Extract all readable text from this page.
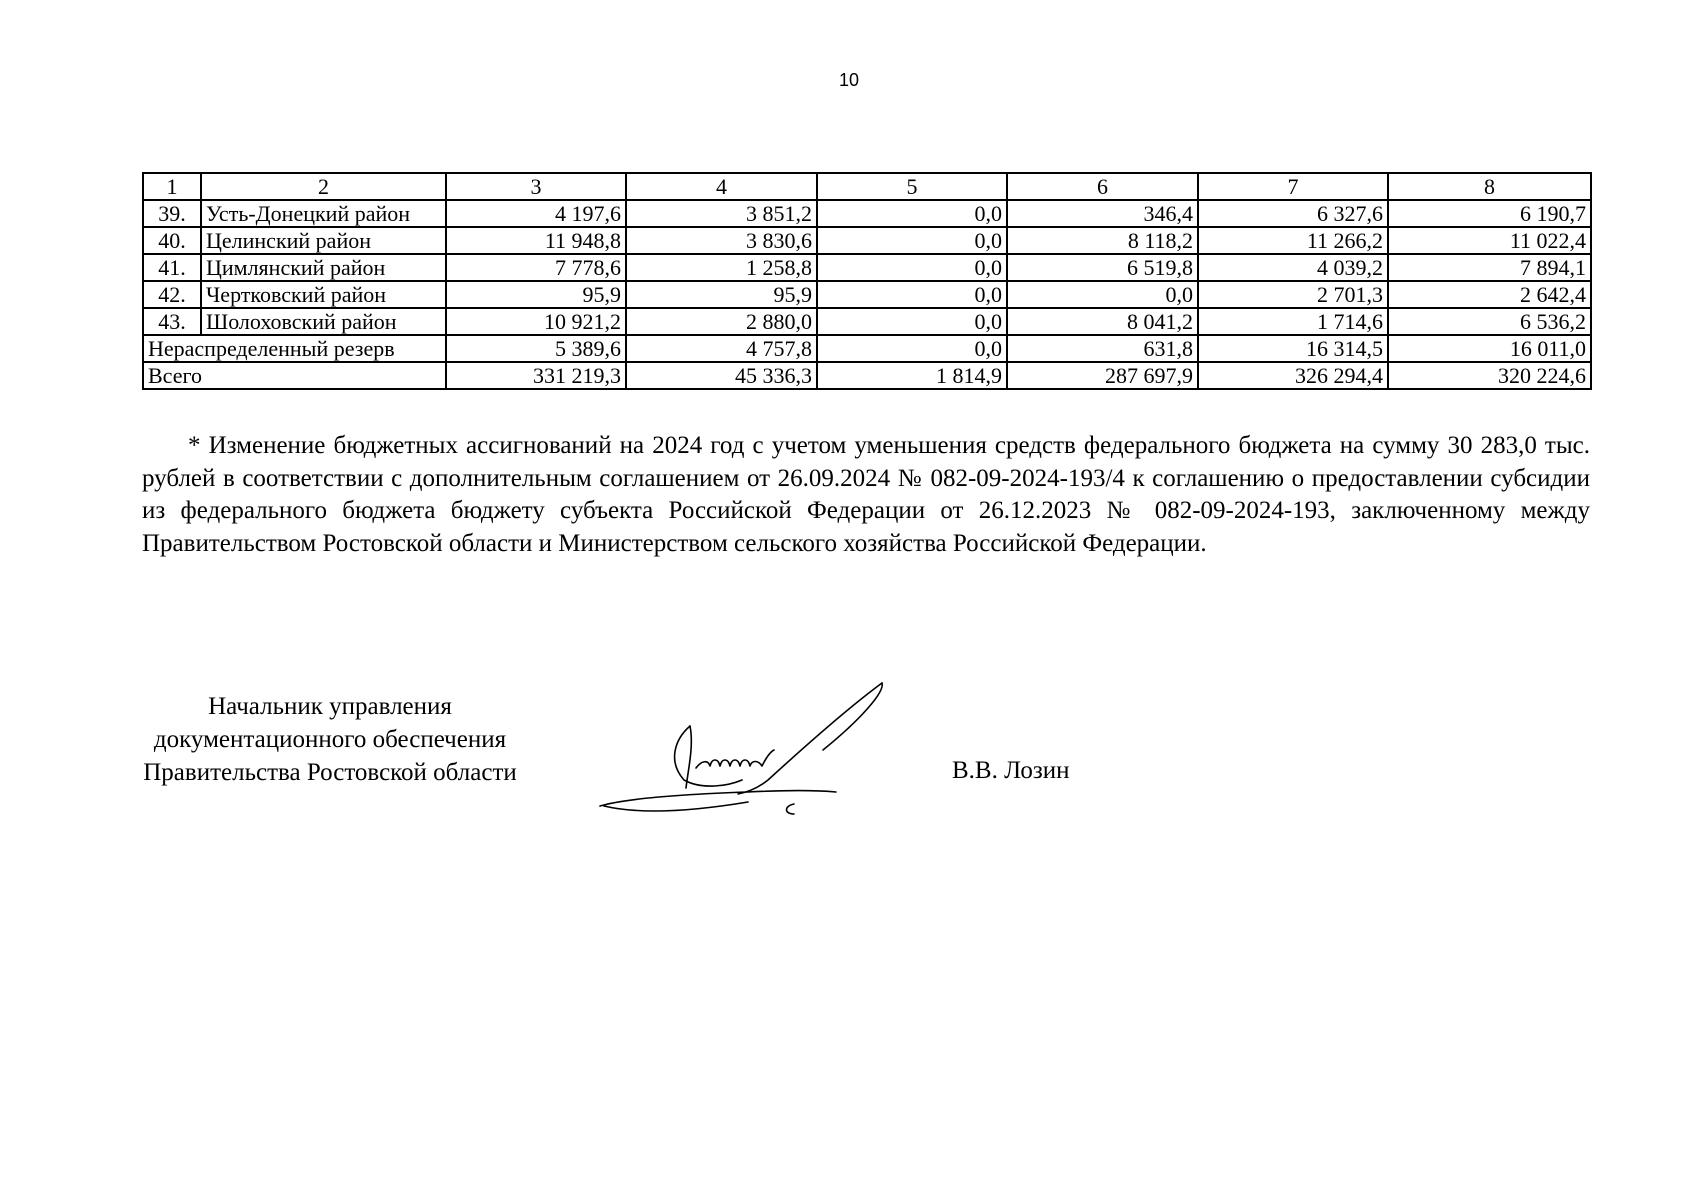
10
1	2	3	4	5	6	7	8
39.	Усть-Донецкий район	4 197,6	3 851,2	0,0	346,4	6 327,6	6 190,7
40.	Целинский район	11 948,8	3 830,6	0,0	8 118,2	11 266,2	11 022,4
41.	Цимлянский район	7 778,6	1 258,8	0,0	6 519,8	4 039,2	7 894,1
42.	Чертковский район	95,9	95,9	0,0	0,0	2 701,3	2 642,4
43.	Шолоховский район	10 921,2	2 880,0	0,0	8 041,2	1 714,6	6 536,2
Нераспределенный резерв		5 389,6	4 757,8	0,0	631,8	16 314,5	16 011,0
Всего		331 219,3	45 336,3	1 814,9	287 697,9	326 294,4	320 224,6

* Изменение бюджетных ассигнований на 2024 год с учетом уменьшения средств федерального бюджета на сумму 30 283,0 тыс. рублей в соответствии с дополнительным соглашением от 26.09.2024 № 082-09-2024-193/4 к соглашению о предоставлении субсидии из федерального бюджета бюджету субъекта Российской Федерации от 26.12.2023 № 082-09-2024-193, заключенному между Правительством Ростовской области и Министерством сельского хозяйства Российской Федерации.

Начальник управления
документационного обеспечения
Правительства Ростовской области	В.В. Лозин
